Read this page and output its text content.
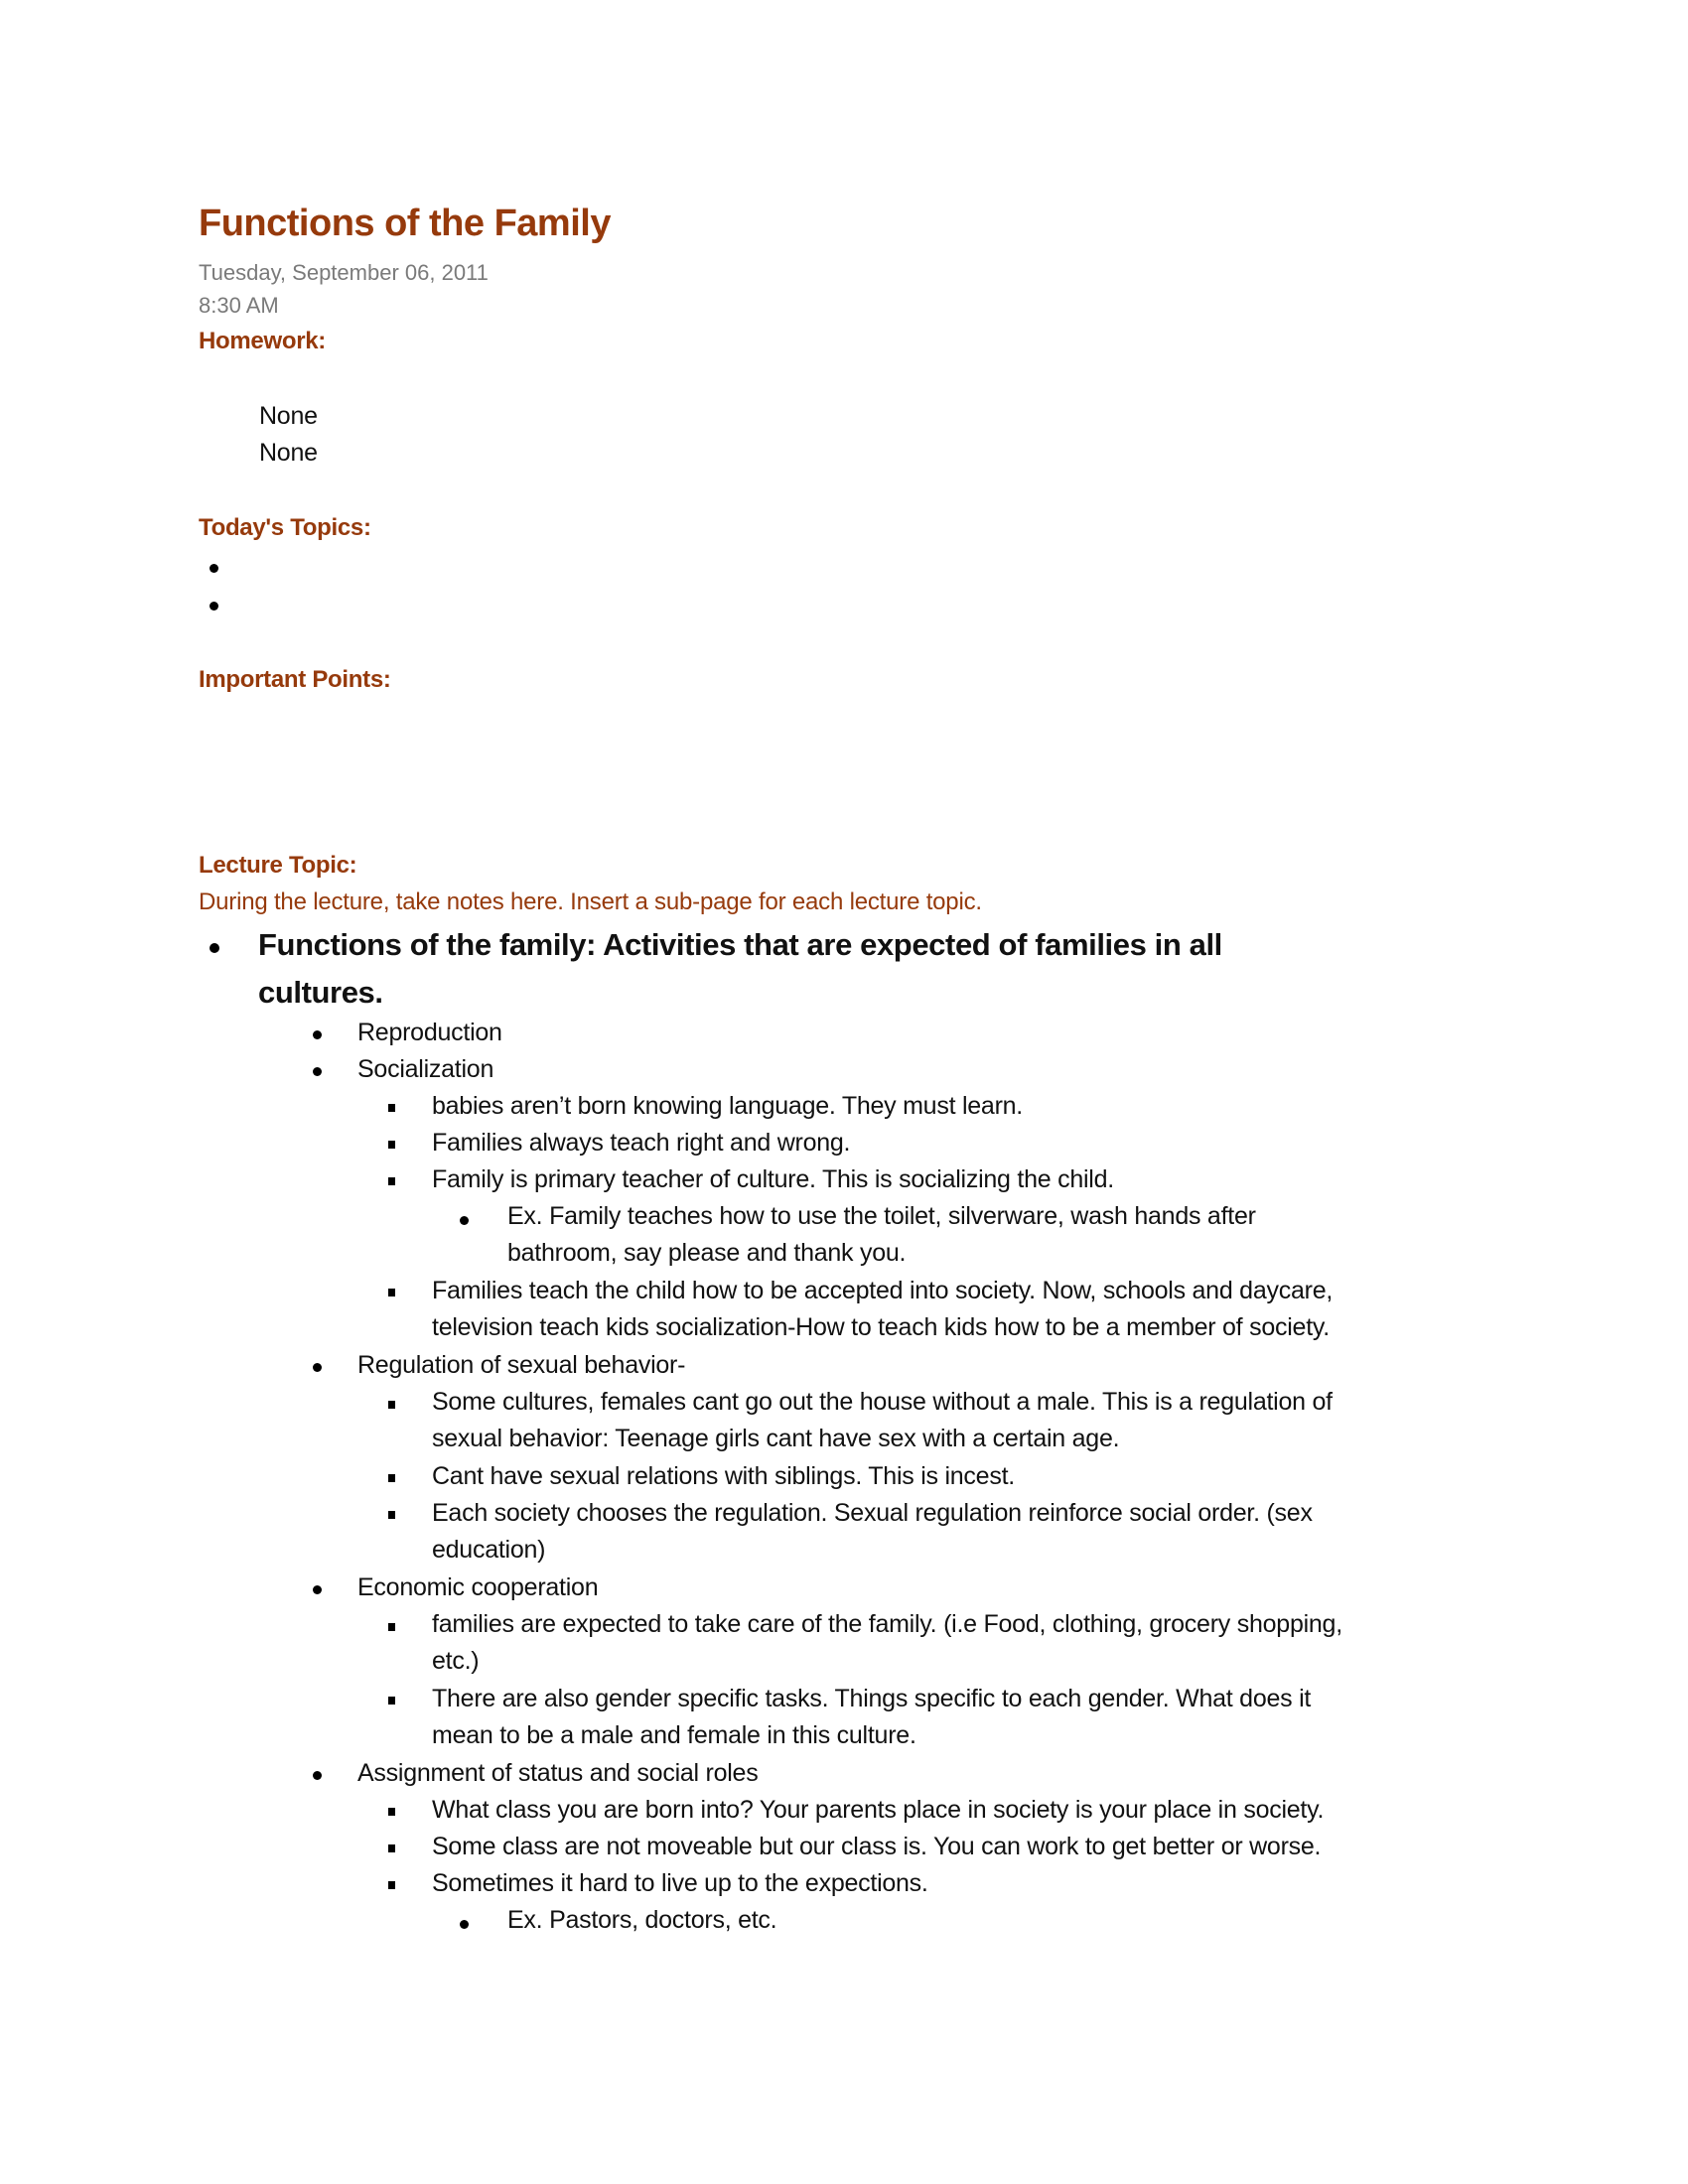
Functions of the Family
Tuesday, September 06, 2011
8:30 AM
Homework:
None
None
Today's Topics:
Important Points:
Lecture Topic:
During the lecture, take notes here. Insert a sub-page for each lecture topic.
Functions of the family: Activities that are expected of families in all
cultures.
Reproduction
Socialization
babies aren’t born knowing language. They must learn.
Families always teach right and wrong.
Family is primary teacher of culture. This is socializing the child.
Ex. Family teaches how to use the toilet, silverware, wash hands after
bathroom, say please and thank you.
Families teach the child how to be accepted into society. Now, schools and daycare,
television teach kids socialization-How to teach kids how to be a member of society.
Regulation of sexual behavior-
Some cultures, females cant go out the house without a male. This is a regulation of
sexual behavior: Teenage girls cant have sex with a certain age.
Cant have sexual relations with siblings. This is incest.
Each society chooses the regulation. Sexual regulation reinforce social order. (sex
education)
Economic cooperation
families are expected to take care of the family. (i.e Food, clothing, grocery shopping,
etc.)
There are also gender specific tasks. Things specific to each gender. What does it
mean to be a male and female in this culture.
Assignment of status and social roles
What class you are born into? Your parents place in society is your place in society.
Some class are not moveable but our class is. You can work to get better or worse.
Sometimes it hard to live up to the expections.
Ex. Pastors, doctors, etc.
